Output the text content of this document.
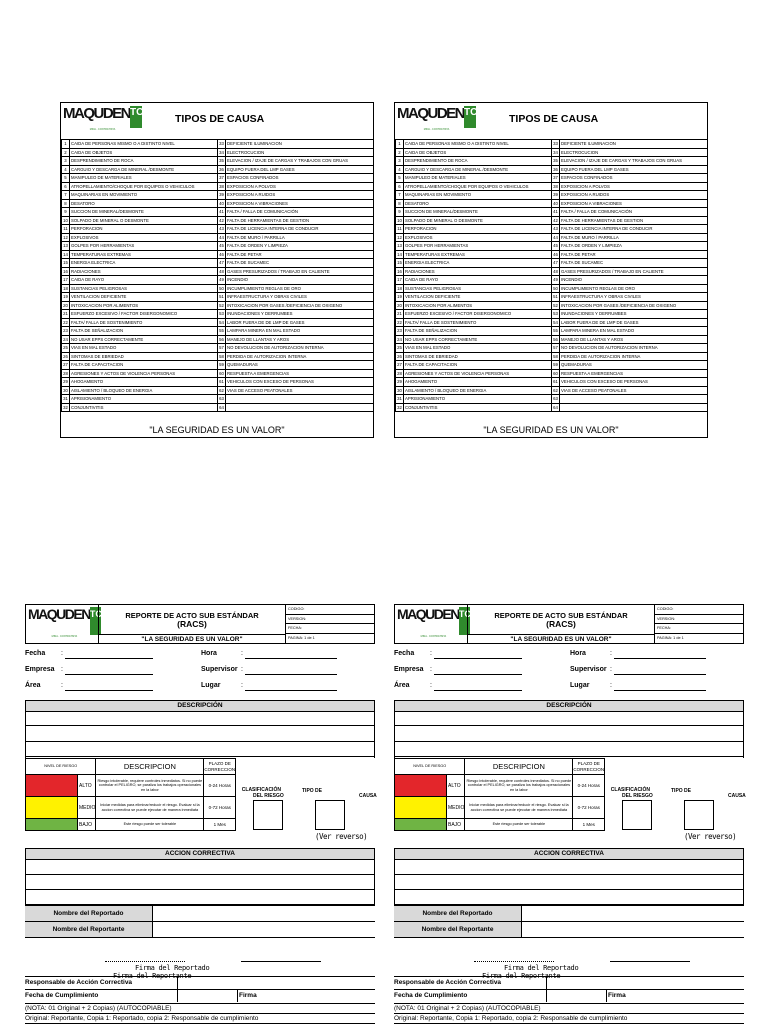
MAQUDEN TC
MINA - CONTRATISTA
TIPOS DE CAUSA
1	CAIDA DE PERSONAS MISMO O A DISTINTO NIVEL	33	DEFICIENTE ILUMINACION
2	CAIDA DE OBJETOS	34	ELECTROCUCION
3	DESPRENDIMIENTO DE ROCA	35	ELEVACION / IZAJE DE CARGAS Y TRABAJOS CON GRUAS
4	CARGUIO Y DESCARGA DE MINERAL /DESMONTE	36	EQUIPO FUERA DEL LMP GASES
5	MANIPULEO DE MATERIALES	37	ESPACIOS CONFINADOS
6	ATROPELLAMIENTO/CHOQUE POR EQUIPOS O VEHICULOS	38	EXPOSICION A POLVOS
7	MAQUINARIAS EN MOVIMIENTO	39	EXPOSICION A RUIDOS
8	DESATORO	40	EXPOSICION A VIBRACIONES
9	SUCCION DE MINERAL/DESMONTE	41	FALTA / FALLA DE COMUNICACIÓN
10	SOLPADO DE MINERAL O DESMONTE	42	FALTA DE HERRAMIENTAS DE GESTION
11	PERFORACION	43	FALTA DE LICENCIA INTERNA DE CONDUCIR
12	EXPLOSIVOS	44	FALTA DE MURO / PARRILLA
13	GOLPES POR HERRAMIENTAS	45	FALTA DE ORDEN Y LIMPIEZA
14	TEMPERATURAS EXTREMAS	46	FALTA DE PETAR
15	ENERGIA ELECTRICA	47	FALTA DE SUCAMEC
16	RADIACIONES	48	GASES PRESURIZADOS / TRABAJO EN CALIENTE
17	CAIDA DE RAYO	49	INCENDIO
18	SUSTANCIAS PELIGROSAS	50	INCUMPLIMIENTO REGLAS DE ORO
19	VENTILACION DEFICIENTE	51	INFRAESTRUCTURA Y OBRAS CIVILES
20	INTOXICACION POR ALIMENTOS	52	INTOXICACION POR GASES /DEFICIENCIA DE OXIGENO
21	ESFUERZO EXCESIVO / FACTOR DISERGONOMICO	53	INUNDACIONES Y DERRUMBES
22	FALTA/ FALLA DE SOSTENIMIENTO	54	LABOR FUERA DE DE LMP DE GASES
23	FALTA DE SEÑALIZACION	55	LAMPARA MINERA EN MAL ESTADO
24	NO USAR EPPS CORRECTAMENTE	56	MANEJO DE LLANTAS Y AROS
25	VIAS EN MAL ESTADO	57	NO DEVOLUCION DE AUTORIZACION INTERNA
26	SINTOMAS DE EBRIEDAD	58	PERDIDA DE AUTORIZACION INTERNA
27	FALTA DE CAPACITACION	59	QUEMADURAS
28	AGRESIONES Y ACTOS DE VIOLENCIA PERSONAS	60	RESPUESTA A EMERGENCIAS
29	AHOGAMIENTO	61	VEHICULOS CON EXCESO DE PERSONAS
30	AISLAMIENTO / BLOQUEO DE ENERGIA	62	VIAS DE ACCESO PEATONALES
31	APRISIONAMIENTO	63	
32	CONJUNTIVITIS	64	
"LA SEGURIDAD ES UN VALOR"
MAQUDEN TC
MINA - CONTRATISTA
TIPOS DE CAUSA
1	CAIDA DE PERSONAS MISMO O A DISTINTO NIVEL	33	DEFICIENTE ILUMINACION
2	CAIDA DE OBJETOS	34	ELECTROCUCION
3	DESPRENDIMIENTO DE ROCA	35	ELEVACION / IZAJE DE CARGAS Y TRABAJOS CON GRUAS
4	CARGUIO Y DESCARGA DE MINERAL /DESMONTE	36	EQUIPO FUERA DEL LMP GASES
5	MANIPULEO DE MATERIALES	37	ESPACIOS CONFINADOS
6	ATROPELLAMIENTO/CHOQUE POR EQUIPOS O VEHICULOS	38	EXPOSICION A POLVOS
7	MAQUINARIAS EN MOVIMIENTO	39	EXPOSICION A RUIDOS
8	DESATORO	40	EXPOSICION A VIBRACIONES
9	SUCCION DE MINERAL/DESMONTE	41	FALTA / FALLA DE COMUNICACIÓN
10	SOLPADO DE MINERAL O DESMONTE	42	FALTA DE HERRAMIENTAS DE GESTION
11	PERFORACION	43	FALTA DE LICENCIA INTERNA DE CONDUCIR
12	EXPLOSIVOS	44	FALTA DE MURO / PARRILLA
13	GOLPES POR HERRAMIENTAS	45	FALTA DE ORDEN Y LIMPIEZA
14	TEMPERATURAS EXTREMAS	46	FALTA DE PETAR
15	ENERGIA ELECTRICA	47	FALTA DE SUCAMEC
16	RADIACIONES	48	GASES PRESURIZADOS / TRABAJO EN CALIENTE
17	CAIDA DE RAYO	49	INCENDIO
18	SUSTANCIAS PELIGROSAS	50	INCUMPLIMIENTO REGLAS DE ORO
19	VENTILACION DEFICIENTE	51	INFRAESTRUCTURA Y OBRAS CIVILES
20	INTOXICACION POR ALIMENTOS	52	INTOXICACION POR GASES /DEFICIENCIA DE OXIGENO
21	ESFUERZO EXCESIVO / FACTOR DISERGONOMICO	53	INUNDACIONES Y DERRUMBES
22	FALTA/ FALLA DE SOSTENIMIENTO	54	LABOR FUERA DE DE LMP DE GASES
23	FALTA DE SEÑALIZACION	55	LAMPARA MINERA EN MAL ESTADO
24	NO USAR EPPS CORRECTAMENTE	56	MANEJO DE LLANTAS Y AROS
25	VIAS EN MAL ESTADO	57	NO DEVOLUCION DE AUTORIZACION INTERNA
26	SINTOMAS DE EBRIEDAD	58	PERDIDA DE AUTORIZACION INTERNA
27	FALTA DE CAPACITACION	59	QUEMADURAS
28	AGRESIONES Y ACTOS DE VIOLENCIA PERSONAS	60	RESPUESTA A EMERGENCIAS
29	AHOGAMIENTO	61	VEHICULOS CON EXCESO DE PERSONAS
30	AISLAMIENTO / BLOQUEO DE ENERGIA	62	VIAS DE ACCESO PEATONALES
31	APRISIONAMIENTO	63	
32	CONJUNTIVITIS	64	
"LA SEGURIDAD ES UN VALOR"
MAQUDEN TC
MINA - CONTRATISTA
REPORTE DE ACTO SUB ESTÁNDAR
(RACS)
"LA SEGURIDAD ES UN VALOR"
CODIGO:
VERSION:
FECHA:
PAGINA: 1 de 1
Fecha :
Empresa :
Área	:
Hora	:
Supervisor :
Lugar	:
DESCRIPCIÓN
NIVEL DE RIESGO		DESCRIPCION	PLAZO DE CORRECCION
	ALTO	Riesgo intolerable, requiere controles inmediatos. Si no puede controlar el PELIGRO, se paraliza los trabajos operacionales en la labor	0-24 Horas
	MEDIO	Iniciar medidas para eliminar/reducir el riesgo. Evaluar si la accion correctiva se puede ejecutar de manera inmediata	0-72 Horas
	BAJO	Este riesgo puede ser tolerable	1 Mes
CLASIFICACIÓN
DEL RIESGO
TIPO DE
CAUSA
(Ver reverso)
ACCION CORRECTIVA
Nombre del Reportado
Nombre del Reportante
Firma del Reportado
Firma del Reportante
Responsable de Acción Correctiva
Fecha de Cumplimiento	Firma
(NOTA: 01 Original + 2 Copias) (AUTOCOPIABLE)
Original: Reportante, Copia 1: Reportado, copia 2: Responsable de cumplimiento
MAQUDEN TC
MINA - CONTRATISTA
REPORTE DE ACTO SUB ESTÁNDAR
(RACS)
"LA SEGURIDAD ES UN VALOR"
CODIGO:
VERSION:
FECHA:
PAGINA: 1 de 1
Fecha :
Empresa :
Área	:
Hora	:
Supervisor :
Lugar	:
DESCRIPCIÓN
NIVEL DE RIESGO		DESCRIPCION	PLAZO DE CORRECCION
	ALTO	Riesgo intolerable, requiere controles inmediatos. Si no puede controlar el PELIGRO, se paraliza los trabajos operacionales en la labor	0-24 Horas
	MEDIO	Iniciar medidas para eliminar/reducir el riesgo. Evaluar si la accion correctiva se puede ejecutar de manera inmediata	0-72 Horas
	BAJO	Este riesgo puede ser tolerable	1 Mes
CLASIFICACIÓN
DEL RIESGO
TIPO DE
CAUSA
(Ver reverso)
ACCION CORRECTIVA
Nombre del Reportado
Nombre del Reportante
Firma del Reportado
Firma del Reportante
Responsable de Acción Correctiva
Fecha de Cumplimiento	Firma
(NOTA: 01 Original + 2 Copias) (AUTOCOPIABLE)
Original: Reportante, Copia 1: Reportado, copia 2: Responsable de cumplimiento
